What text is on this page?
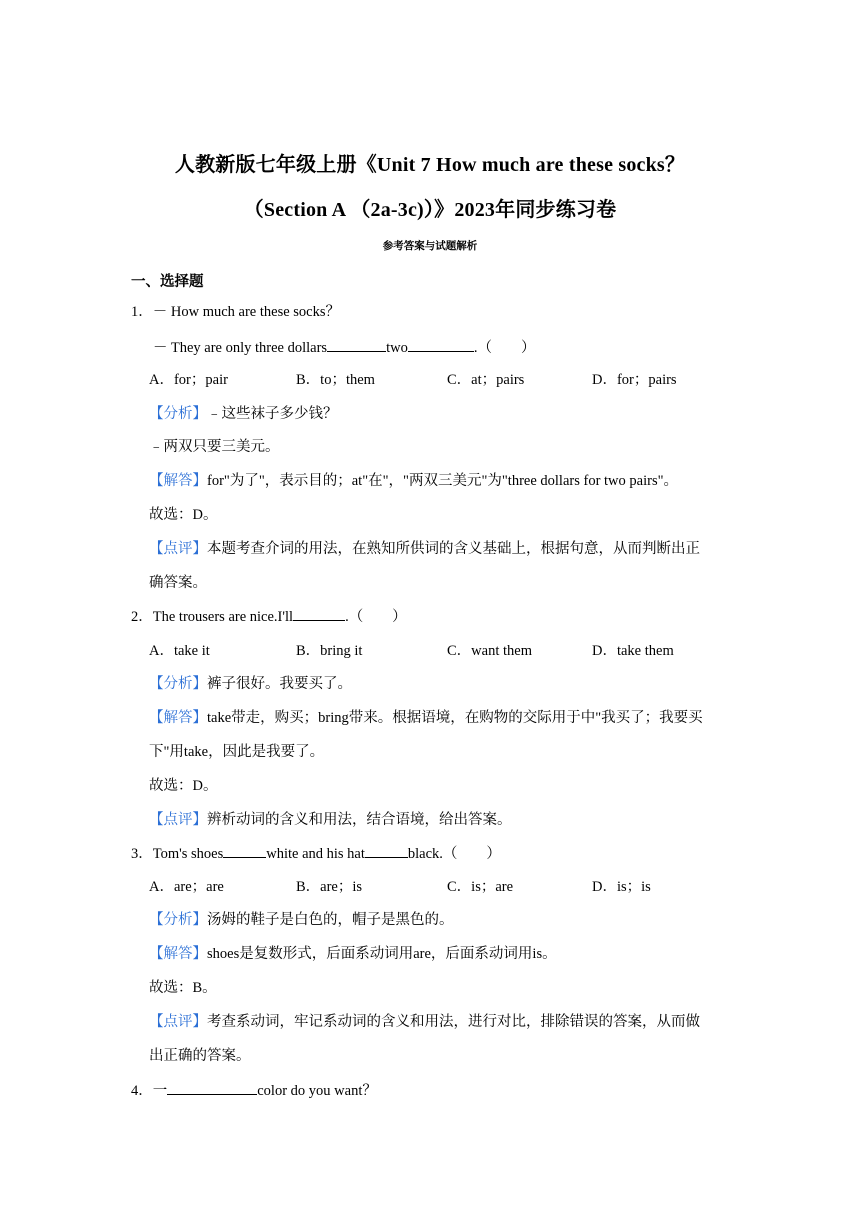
人教新版七年级上册《Unit 7 How much are these socks？
（Section A （2a-3c)）》2023年同步练习卷
参考答案与试题解析
一、选择题
1．－ How much are these socks？
－ They are only three dollars	two	.（　　）
A．for；pair	B．to；them	C．at；pairs	D．for；pairs
【分析】﹣这些袜子多少钱？
﹣两双只要三美元。
【解答】for"为了"，表示目的；at"在"，"两双三美元"为"three dollars for two pairs"。
故选：D。
【点评】本题考查介词的用法，在熟知所供词的含义基础上，根据句意，从而判断出正
确答案。
2．The trousers are nice.I'll	.（　　）
A．take it	B．bring it	C．want them	D．take them
【分析】裤子很好。我要买了。
【解答】take带走，购买；bring带来。根据语境，在购物的交际用于中"我买了；我要买
下"用take，因此是我要了。
故选：D。
【点评】辨析动词的含义和用法，结合语境，给出答案。
3．Tom's shoes	white and his hat	black.（　　）
A．are；are	B．are；is	C．is；are	D．is；is
【分析】汤姆的鞋子是白色的，帽子是黑色的。
【解答】shoes是复数形式，后面系动词用are，后面系动词用is。
故选：B。
【点评】考查系动词，牢记系动词的含义和用法，进行对比，排除错误的答案，从而做
出正确的答案。
4．一	color do you want？
